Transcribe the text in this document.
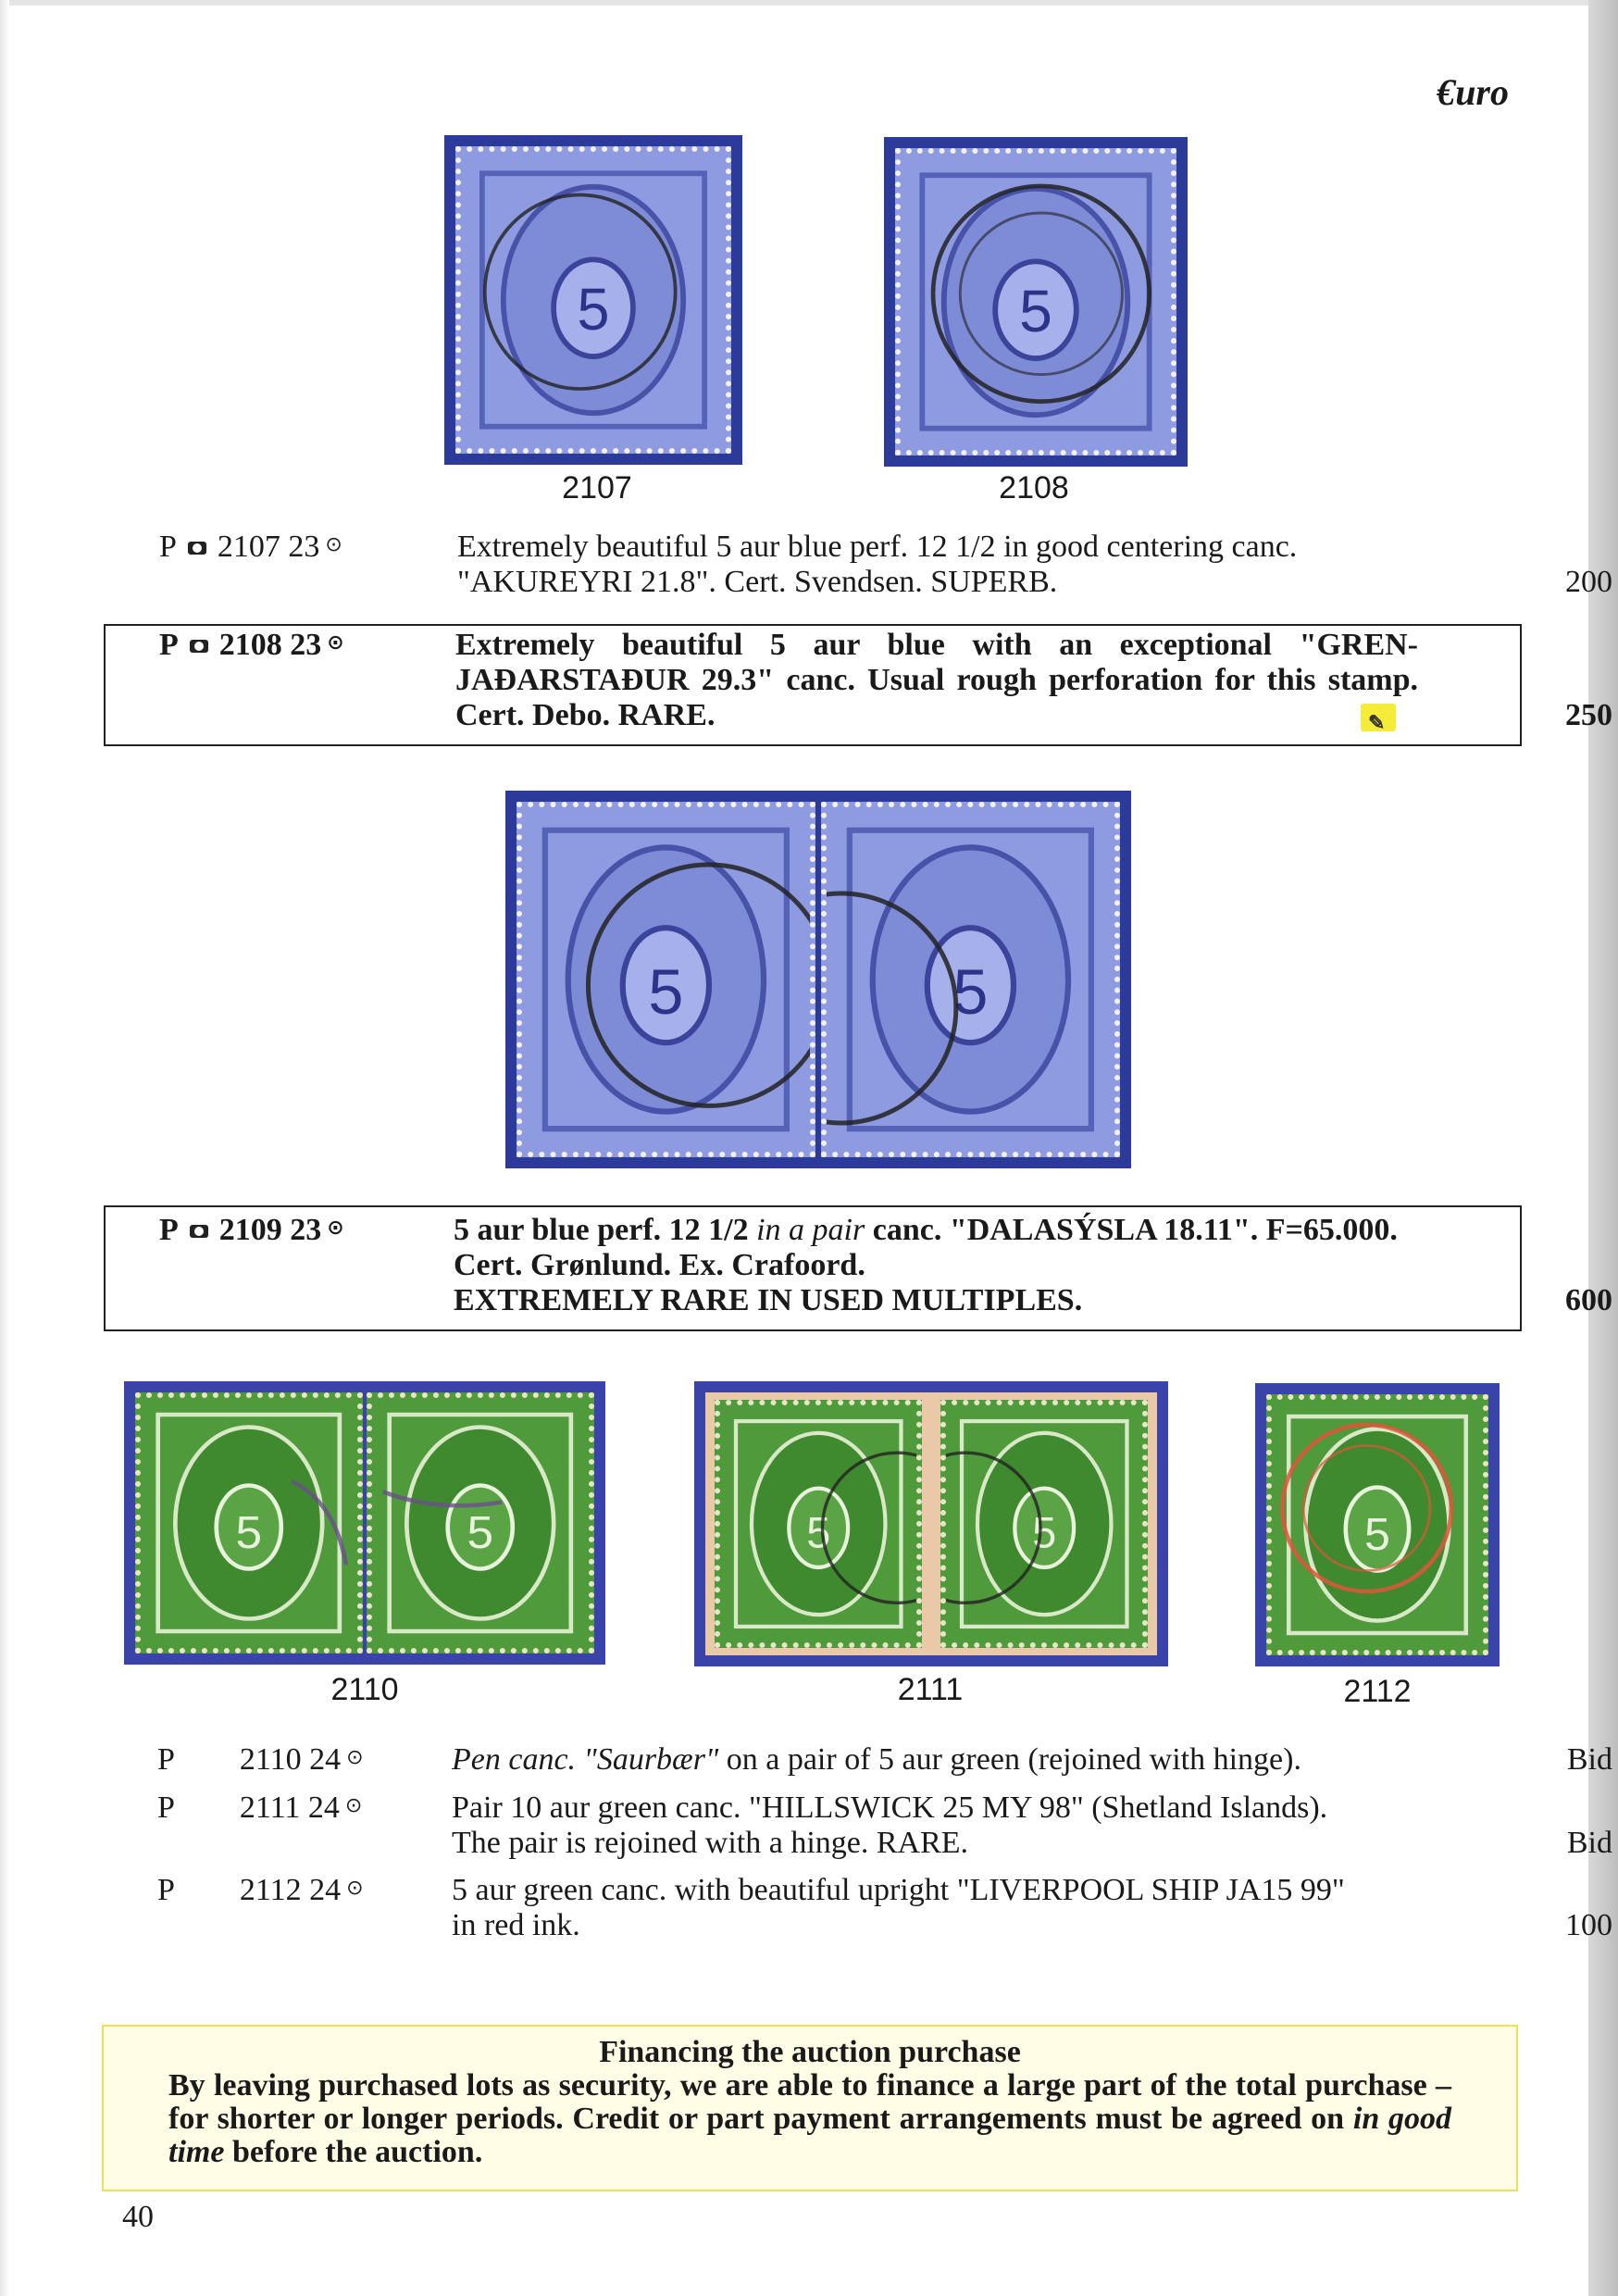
€uro
5
2107
5
2108
P 2107 23 ⊙	Extremely beautiful 5 aur blue perf. 12 1/2 in good centering canc.
"AKUREYRI 21.8". Cert. Svendsen. SUPERB.	200
P 2108 23 ⊙	Extremely beautiful 5 aur blue with an exceptional "GREN-
JAÐARSTAÐUR 29.3" canc. Usual rough perforation for this stamp.
Cert. Debo. RARE. ✎	250
5	5
P 2109 23 ⊙	5 aur blue perf. 12 1/2 in a pair canc. "DALASÝSLA 18.11". F=65.000.
Cert. Grønlund. Ex. Crafoord.
EXTREMELY RARE IN USED MULTIPLES.	600
5	5
2110
5	5
2111
5
2112
P 2110 24 ⊙	Pen canc. "Saurbær" on a pair of 5 aur green (rejoined with hinge).	Bid
P 2111 24 ⊙	Pair 10 aur green canc. "HILLSWICK 25 MY 98" (Shetland Islands).
The pair is rejoined with a hinge. RARE.	Bid
P 2112 24 ⊙	5 aur green canc. with beautiful upright "LIVERPOOL SHIP JA15 99"
in red ink.	100
Financing the auction purchase
By leaving purchased lots as security, we are able to finance a large part of the total purchase – for shorter or longer periods. Credit or part payment arrangements must be agreed on in good time before the auction.
40
